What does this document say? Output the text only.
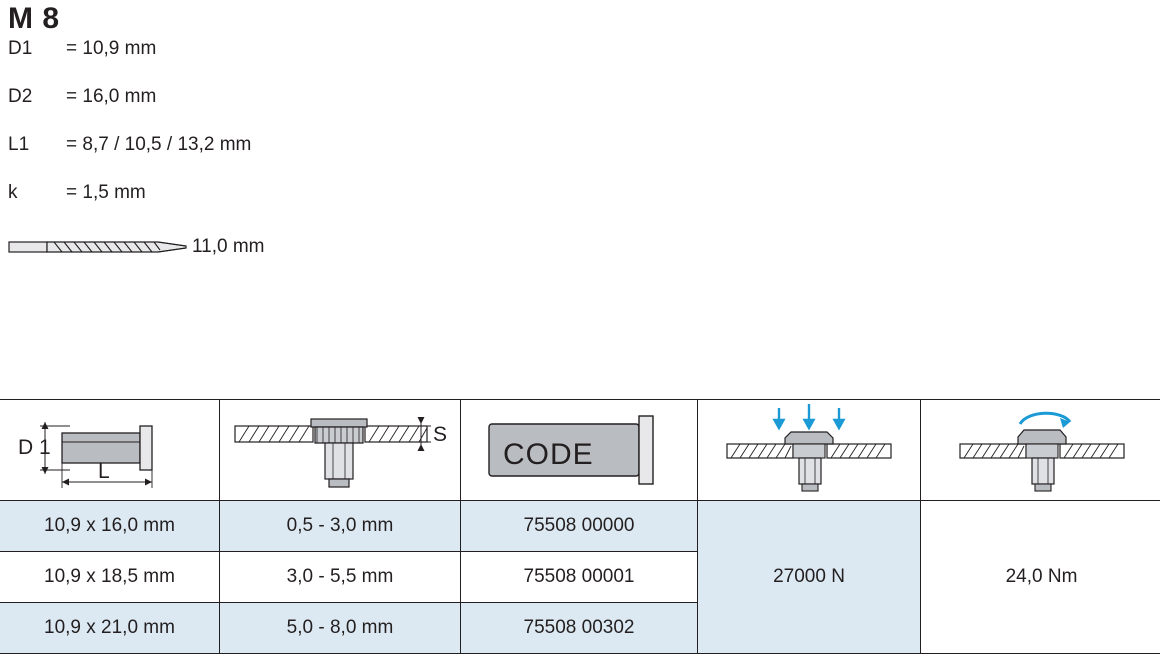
M 8
D1	= 10,9 mm
D2	= 16,0 mm
L1	= 8,7 / 10,5 / 13,2 mm
k	= 1,5 mm
11,0 mm
D 1
L	S	CODE

10,9 x 16,0 mm	0,5 - 3,0 mm	75508 00000	27000 N	24,0 Nm
10,9 x 18,5 mm	3,0 - 5,5 mm	75508 00001		
10,9 x 21,0 mm	5,0 - 8,0 mm	75508 00302		
